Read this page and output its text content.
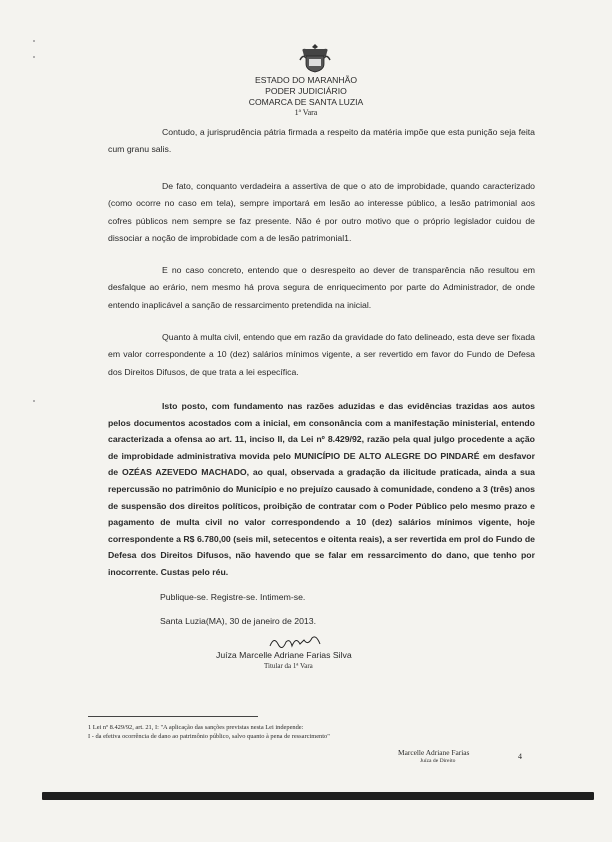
ESTADO DO MARANHÃO
PODER JUDICIÁRIO
COMARCA DE SANTA LUZIA
1ª Vara

Contudo, a jurisprudência pátria firmada a respeito da matéria impõe que esta punição seja feita cum granu salis.

De fato, conquanto verdadeira a assertiva de que o ato de improbidade, quando caracterizado (como ocorre no caso em tela), sempre importará em lesão ao interesse público, a lesão patrimonial aos cofres públicos nem sempre se faz presente. Não é por outro motivo que o próprio legislador cuidou de dissociar a noção de improbidade com a de lesão patrimonial1.

E no caso concreto, entendo que o desrespeito ao dever de transparência não resultou em desfalque ao erário, nem mesmo há prova segura de enriquecimento por parte do Administrador, de onde entendo inaplicável a sanção de ressarcimento pretendida na inicial.

Quanto à multa civil, entendo que em razão da gravidade do fato delineado, esta deve ser fixada em valor correspondente a 10 (dez) salários mínimos vigente, a ser revertido em favor do Fundo de Defesa dos Direitos Difusos, de que trata a lei específica.

Isto posto, com fundamento nas razões aduzidas e das evidências trazidas aos autos pelos documentos acostados com a inicial, em consonância com a manifestação ministerial, entendo caracterizada a ofensa ao art. 11, inciso II, da Lei nº 8.429/92, razão pela qual julgo procedente a ação de improbidade administrativa movida pelo MUNICÍPIO DE ALTO ALEGRE DO PINDARÉ em desfavor de OZÉAS AZEVEDO MACHADO, ao qual, observada a gradação da ilicitude praticada, ainda a sua repercussão no patrimônio do Município e no prejuízo causado à comunidade, condeno a 3 (três) anos de suspensão dos direitos políticos, proibição de contratar com o Poder Público pelo mesmo prazo e pagamento de multa civil no valor correspondendo a 10 (dez) salários mínimos vigente, hoje correspondente a R$ 6.780,00 (seis mil, setecentos e oitenta reais), a ser revertida em prol do Fundo de Defesa dos Direitos Difusos, não havendo que se falar em ressarcimento do dano, que tenho por inocorrente. Custas pelo réu.

Publique-se. Registre-se. Intimem-se.
Santa Luzia(MA), 30 de janeiro de 2013.
Juíza Marcelle Adriane Farias Silva
Titular da 1ª Vara
1 Lei nº 8.429/92, art. 21, I: "A aplicação das sanções previstas nesta Lei independe:
I - da efetiva ocorrência de dano ao patrimônio público, salvo quanto à pena de ressarcimento"
Marcelle Adriane Farias
Juíza de Direito	4
